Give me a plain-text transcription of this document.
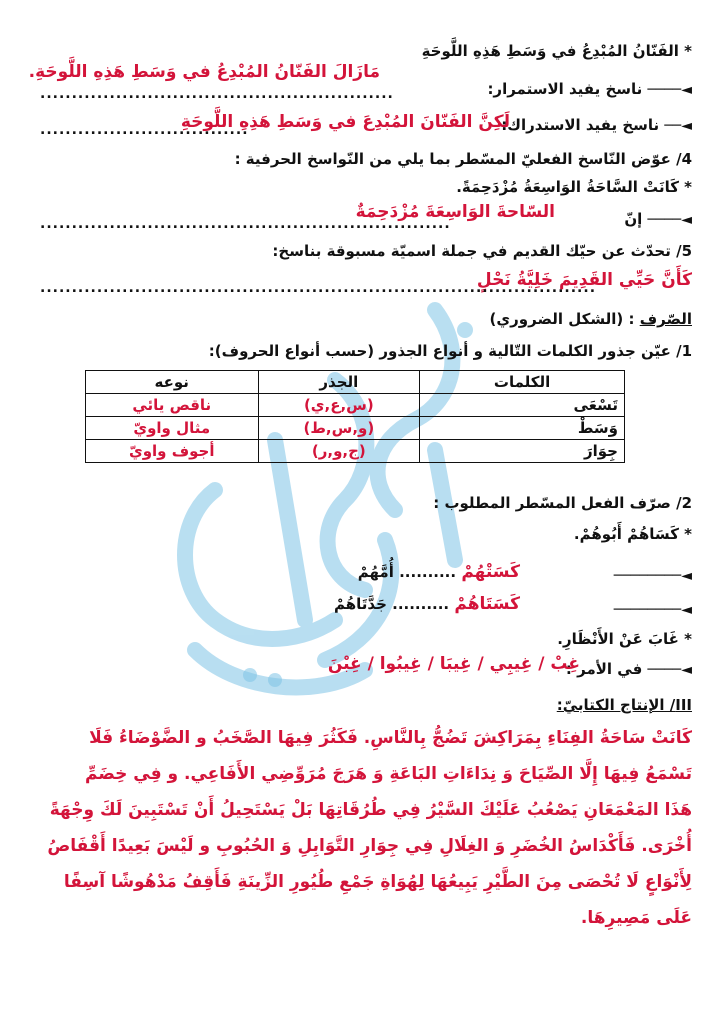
* الفَنّانُ المُبْدِعُ في وَسَطِ هَذِهِ اللَّوحَةِ
◄──── ناسخ يفيد الاستمرار:
مَازَالَ الفَنّانُ المُبْدِعُ في وَسَطِ هَذِهِ اللَّوحَةِ.
........................................................
◄── ناسخ يفيد الاستدراك:
لَكِنَّ الفَنّانَ المُبْدِعَ في وَسَطِ هَذِهِ اللَّوحَةِ
.................................
4/ عوّض النّاسخ الفعليّ المسّطر بما يلي من النّواسخ الحرفية :
* كَانَتْ السَّاحَةُ الوَاسِعَةُ مُزْدَحِمَةً.
◄──── إنّ
السّاحةَ الوَاسِعَةَ مُزْدَحِمَةٌ
.................................................................
5/ تحدّث عن حيّك القديم في جملة اسميّة مسبوقة بناسخ:
كَأَنَّ حَيِّي القَدِيمَ خَلِيَّةُ نَحْلٍ
........................................................................................
الصّرف : (الشكل الضروري)
1/ عيّن جذور الكلمات التّالية و أنواع الجذور (حسب أنواع الحروف):
الكلمات	الجذر	نوعه
تَسْعَى	(س,ع,ي)	ناقص يائي
وَسَطْ	(و,س,ط)	مثال واويّ
جِوَارَ	(ج,و,ر)	أجوف واويّ
2/ صرّف الفعل المسّطر المطلوب :
* كَسَاهُمْ أَبُوهُمْ.
◄────────
كَسَتْهُمْ .......... أُمَّهُمْ
◄────────
كَسَتَاهُمْ .......... جَدَّتَاهُمْ
* غَابَ عَنْ الأَنْظَارِ.
◄──── في الأمر :
غِبْ / غِيبِي / غِيبَا / غِيبُوا / غِبْنَ
III/ الإنتاج الكتابيّ:
كَانَتْ سَاحَةُ الفِنَاءِ بِمَرَاكِشَ تَضُجُّ بِالنَّاسِ. فَكَثُرَ فِيهَا الصَّخَبُ و الضَّوْضَاءُ فَلَا
تَسْمَعُ فِيهَا إِلَّا الصِّيَاحَ وَ نِدَاءَاتِ البَاعَةِ وَ هَرَجَ مُرَوِّضِي الأَفَاعِي. و فِي خِضَمِّ
هَذَا المَعْمَعَانِ يَصْعُبُ عَلَيْكَ السَّيْرُ فِي طُرُقَاتِهَا بَلْ يَسْتَحِيلُ أَنْ تَسْتَبِينَ لَكَ وِجْهَةً
أُخْرَى. فَأَكْدَاسُ الخُضَرِ وَ الغِلَالِ فِي جِوَارِ التَّوَابِلِ وَ الحُبُوبِ و لَيْسَ بَعِيدًا أَقْفَاصُ
لِأَنْوَاعٍ لَا تُحْصَى مِنَ الطَّيْرِ يَبِيعُهَا لِهُوَاةِ جَمْعِ طُيُورِ الزِّينَةِ فَأَقِفُ مَدْهُوشًا آسِفًا
عَلَى مَصِيرِهَا.
